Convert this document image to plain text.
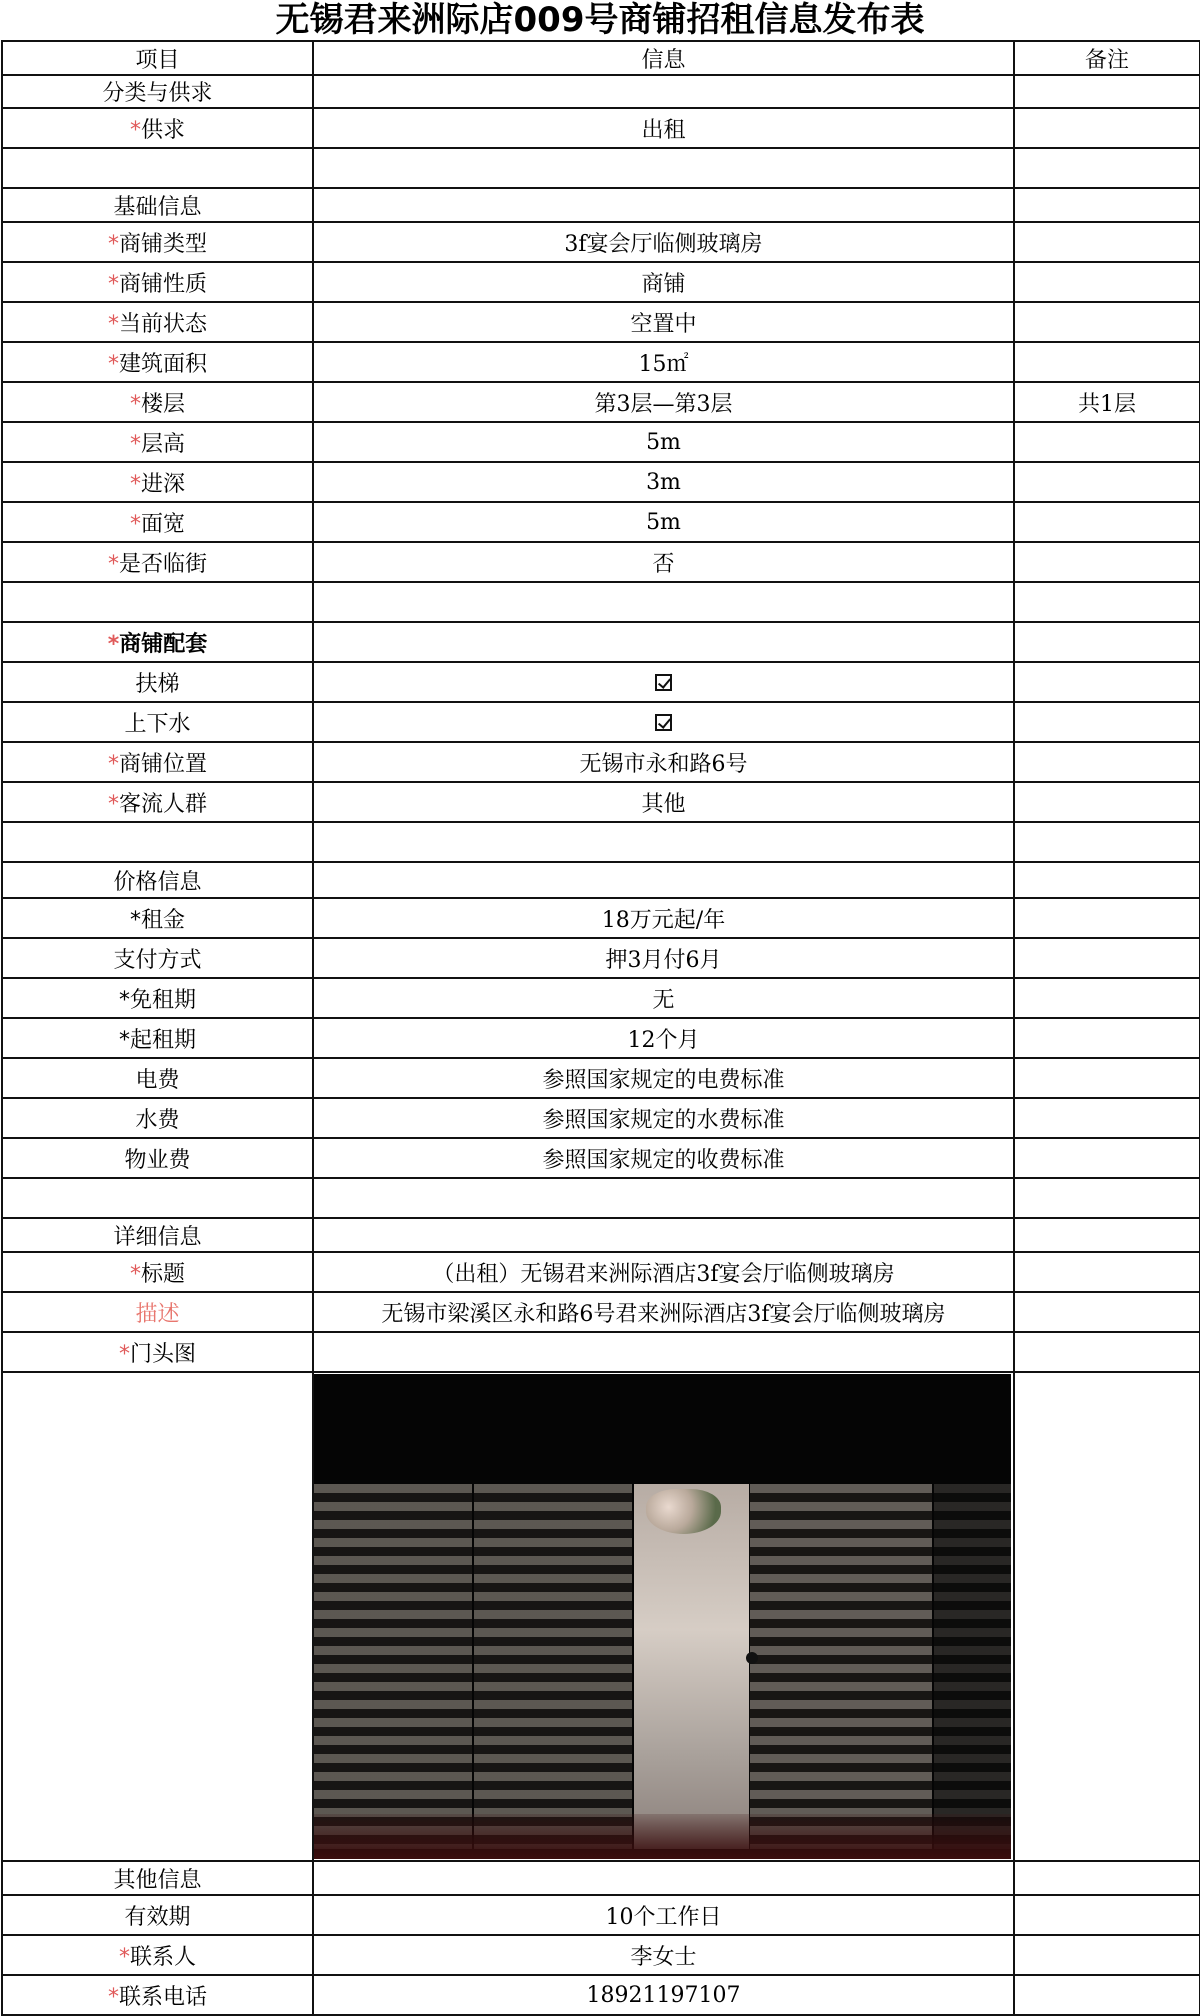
无锡君来洲际店009号商铺招租信息发布表
项目	信息	备注
分类与供求		
*供求	出租	

基础信息		
*商铺类型	3f宴会厅临侧玻璃房	
*商铺性质	商铺	
*当前状态	空置中	
*建筑面积	15㎡	
*楼层	第3层—第3层	共1层
*层高	5m	
*进深	3m	
*面宽	5m	
*是否临街	否	

*商铺配套		
扶梯		
上下水		
*商铺位置	无锡市永和路6号	
*客流人群	其他	

价格信息		
*租金	18万元起/年	
支付方式	押3月付6月	
*免租期	无	
*起租期	12个月	
电费	参照国家规定的电费标准	
水费	参照国家规定的水费标准	
物业费	参照国家规定的收费标准	

详细信息		
*标题	（出租）无锡君来洲际酒店3f宴会厅临侧玻璃房	
描述	无锡市梁溪区永和路6号君来洲际酒店3f宴会厅临侧玻璃房	
*门头图		

其他信息		
有效期	10个工作日	
*联系人	李女士	
*联系电话	18921197107	
